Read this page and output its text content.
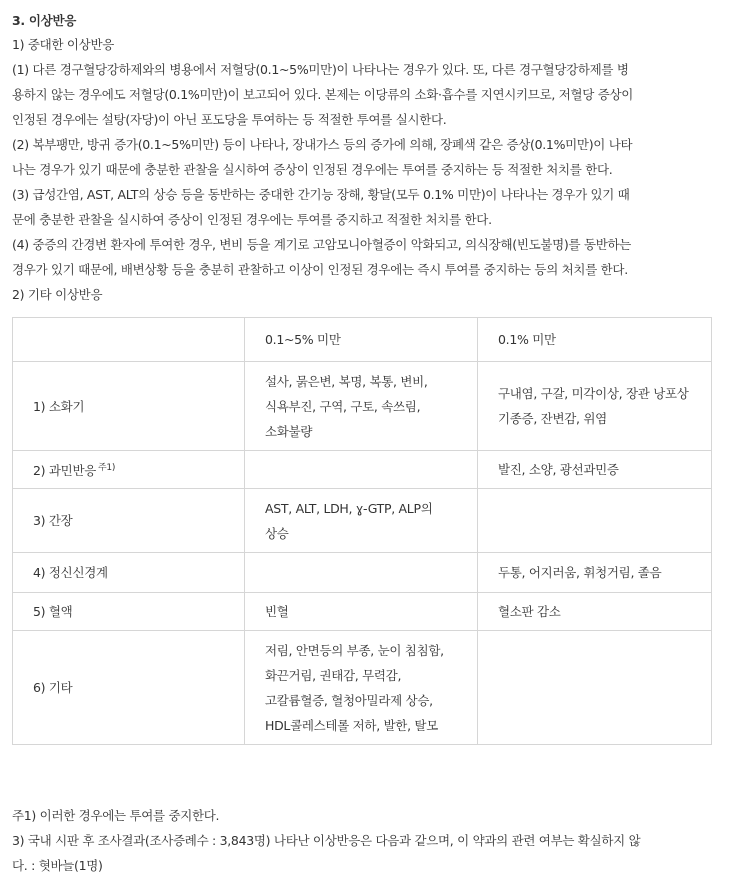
3. 이상반응
1) 중대한 이상반응
(1) 다른 경구혈당강하제와의 병용에서 저혈당(0.1~5%미만)이 나타나는 경우가 있다. 또, 다른 경구혈당강하제를 병
용하지 않는 경우에도 저혈당(0.1%미만)이 보고되어 있다. 본제는 이당류의 소화·흡수를 지연시키므로, 저혈당 증상이
인정된 경우에는 설탕(자당)이 아닌 포도당을 투여하는 등 적절한 투여를 실시한다.
(2) 복부팽만, 방귀 증가(0.1~5%미만) 등이 나타나, 장내가스 등의 증가에 의해, 장폐색 같은 증상(0.1%미만)이 나타
나는 경우가 있기 때문에 충분한 관찰을 실시하여 증상이 인정된 경우에는 투여를 중지하는 등 적절한 처치를 한다.
(3) 급성간염, AST, ALT의 상승 등을 동반하는 중대한 간기능 장해, 황달(모두 0.1% 미만)이 나타나는 경우가 있기 때
문에 충분한 관찰을 실시하여 증상이 인정된 경우에는 투여를 중지하고 적절한 처치를 한다.
(4) 중증의 간경변 환자에 투여한 경우, 변비 등을 계기로 고암모니아혈증이 악화되고, 의식장해(빈도불명)를 동반하는
경우가 있기 때문에, 배변상황 등을 충분히 관찰하고 이상이 인정된 경우에는 즉시 투여를 중지하는 등의 처치를 한다.
2) 기타 이상반응
	0.1~5% 미만	0.1% 미만
1) 소화기	설사, 묽은변, 복명, 복통, 변비, 식욕부진, 구역, 구토, 속쓰림, 소화불량	구내염, 구갈, 미각이상, 장관 낭포상 기종증, 잔변감, 위염
2) 과민반응 $^{주1)}$		발진, 소양, 광선과민증
3) 간장	AST, ALT, LDH, ɣ-GTP, ALP의 상승	
4) 정신신경계		두통, 어지러움, 휘청거림, 졸음
5) 혈액	빈혈	혈소판 감소
6) 기타	저림, 안면등의 부종, 눈이 침침함, 화끈거림, 권태감, 무력감, 고칼륨혈증, 혈청아밀라제 상승, HDL콜레스테롤 저하, 발한, 탈모	
주1) 이러한 경우에는 투여를 중지한다.
3) 국내 시판 후 조사결과(조사증례수 : 3,843명) 나타난 이상반응은 다음과 같으며, 이 약과의 관련 여부는 확실하지 않
다. : 혓바늘(1명)
